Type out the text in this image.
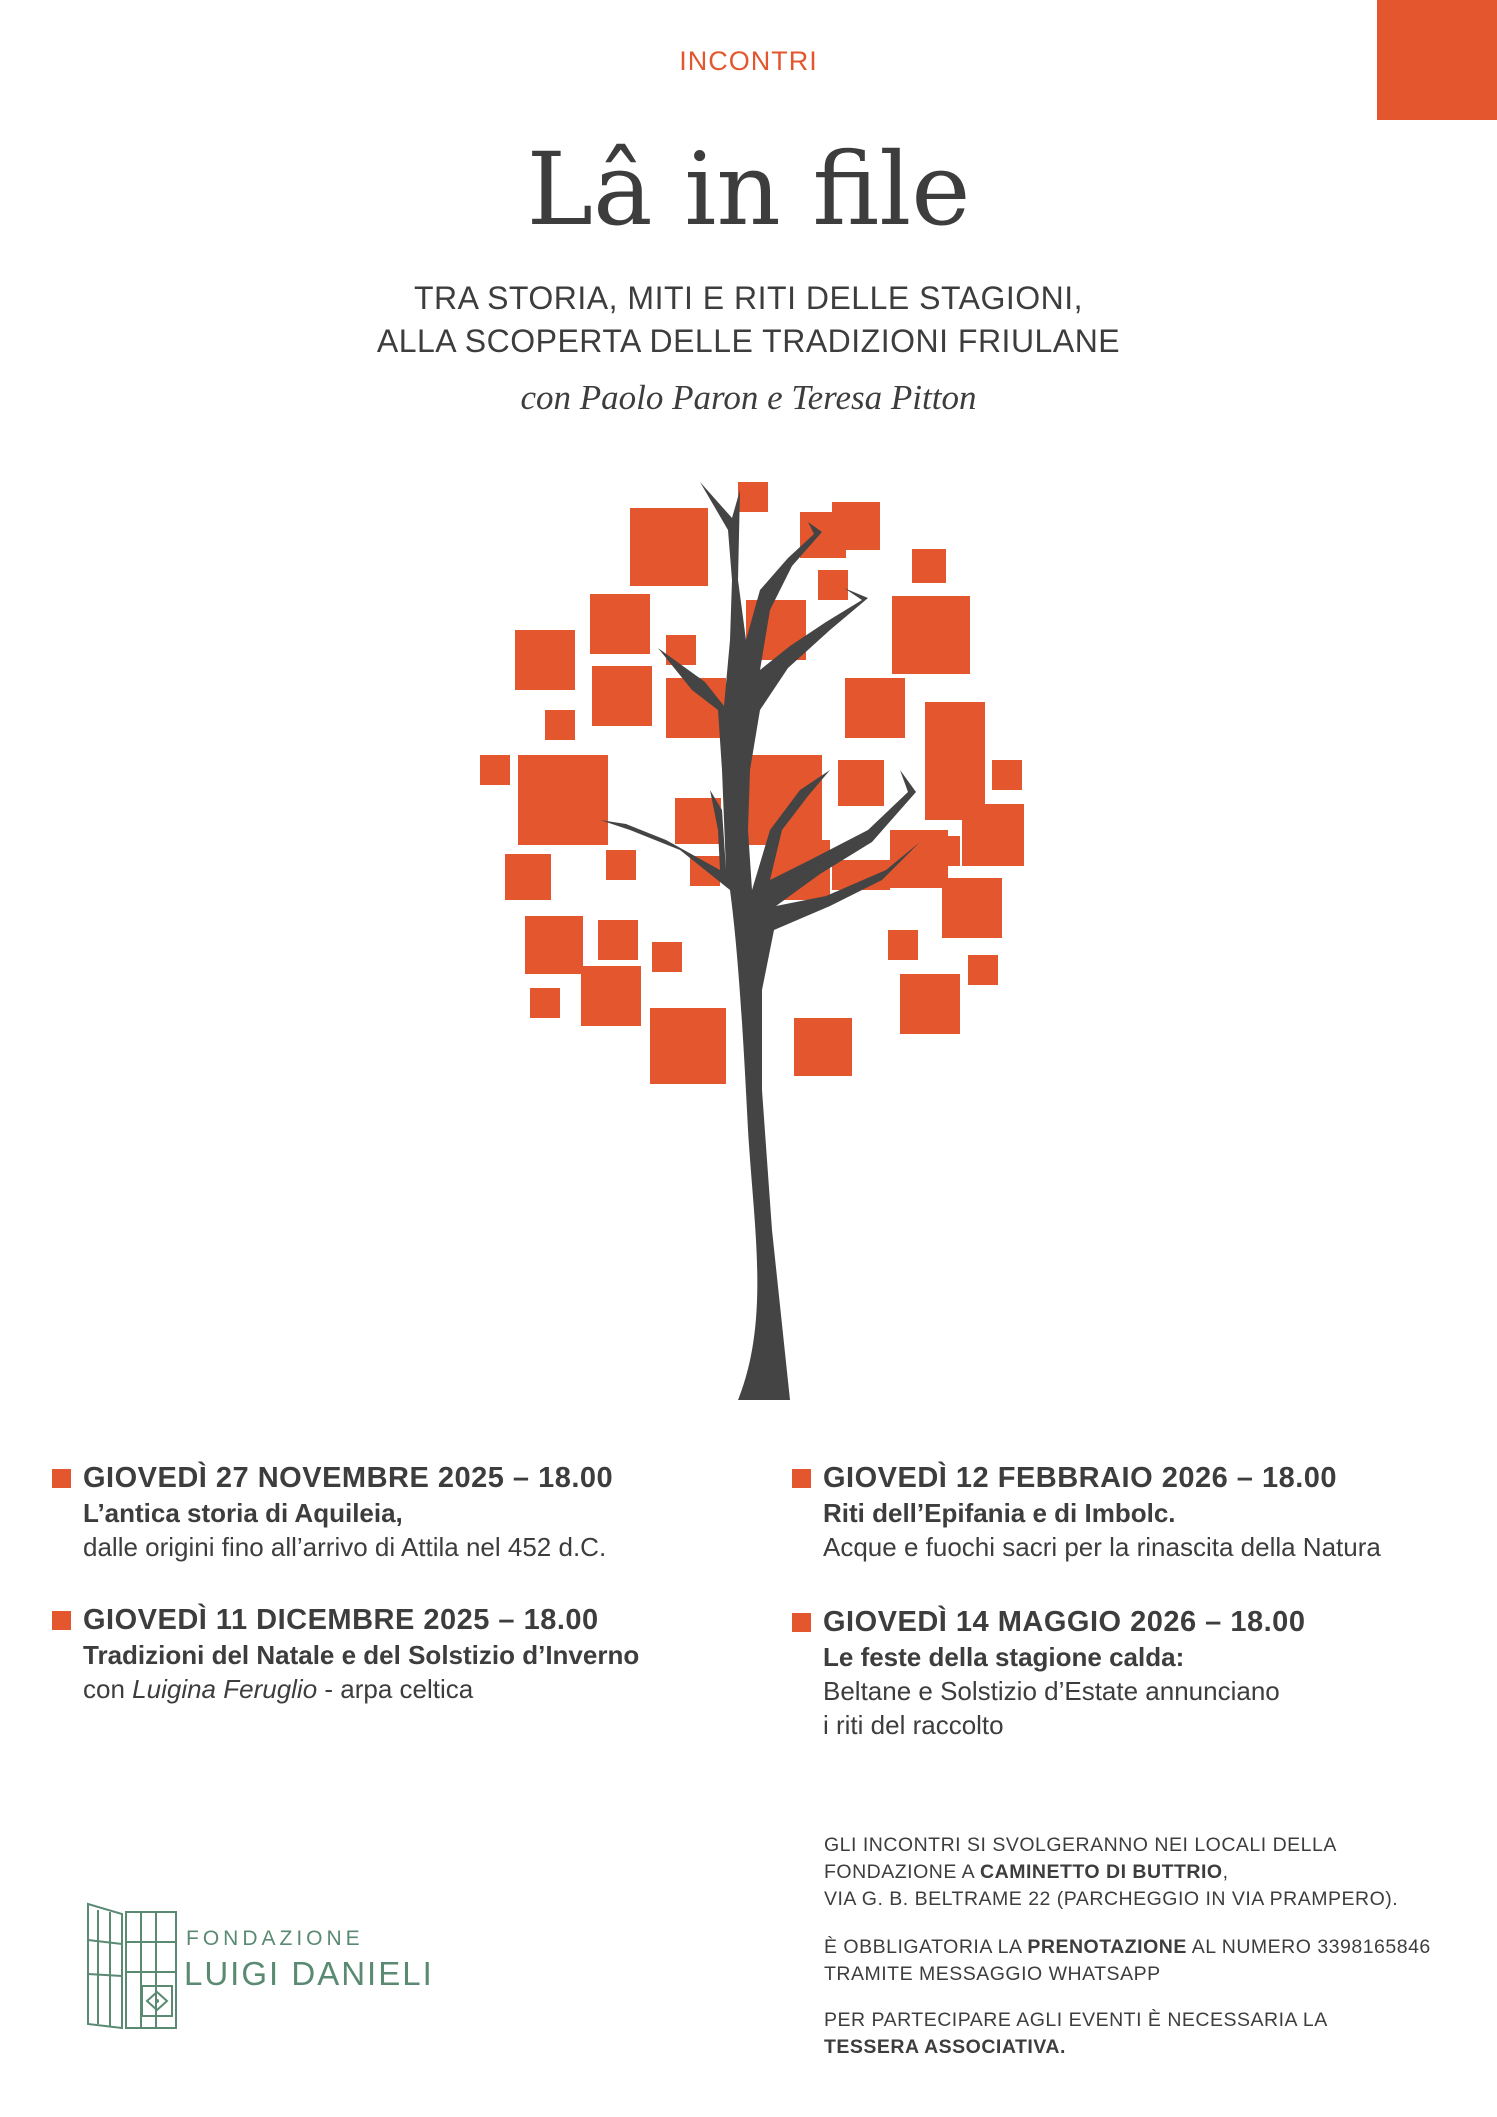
INCONTRI
Lâ in file
TRA STORIA, MITI E RITI DELLE STAGIONI,
ALLA SCOPERTA DELLE TRADIZIONI FRIULANE
con Paolo Paron e Teresa Pitton
GIOVEDÌ 27 NOVEMBRE 2025 – 18.00
L’antica storia di Aquileia,
dalle origini fino all’arrivo di Attila nel 452 d.C.
GIOVEDÌ 11 DICEMBRE 2025 – 18.00
Tradizioni del Natale e del Solstizio d’Inverno
con Luigina Feruglio - arpa celtica
GIOVEDÌ 12 FEBBRAIO 2026 – 18.00
Riti dell’Epifania e di Imbolc.
Acque e fuochi sacri per la rinascita della Natura
GIOVEDÌ 14 MAGGIO 2026 – 18.00
Le feste della stagione calda:
Beltane e Solstizio d’Estate annunciano
i riti del raccolto
GLI INCONTRI SI SVOLGERANNO NEI LOCALI DELLA
FONDAZIONE A CAMINETTO DI BUTTRIO,
VIA G. B. BELTRAME 22 (PARCHEGGIO IN VIA PRAMPERO).
È OBBLIGATORIA LA PRENOTAZIONE AL NUMERO 3398165846
TRAMITE MESSAGGIO WHATSAPP
PER PARTECIPARE AGLI EVENTI È NECESSARIA LA
TESSERA ASSOCIATIVA.
FONDAZIONE
LUIGI DANIELI
